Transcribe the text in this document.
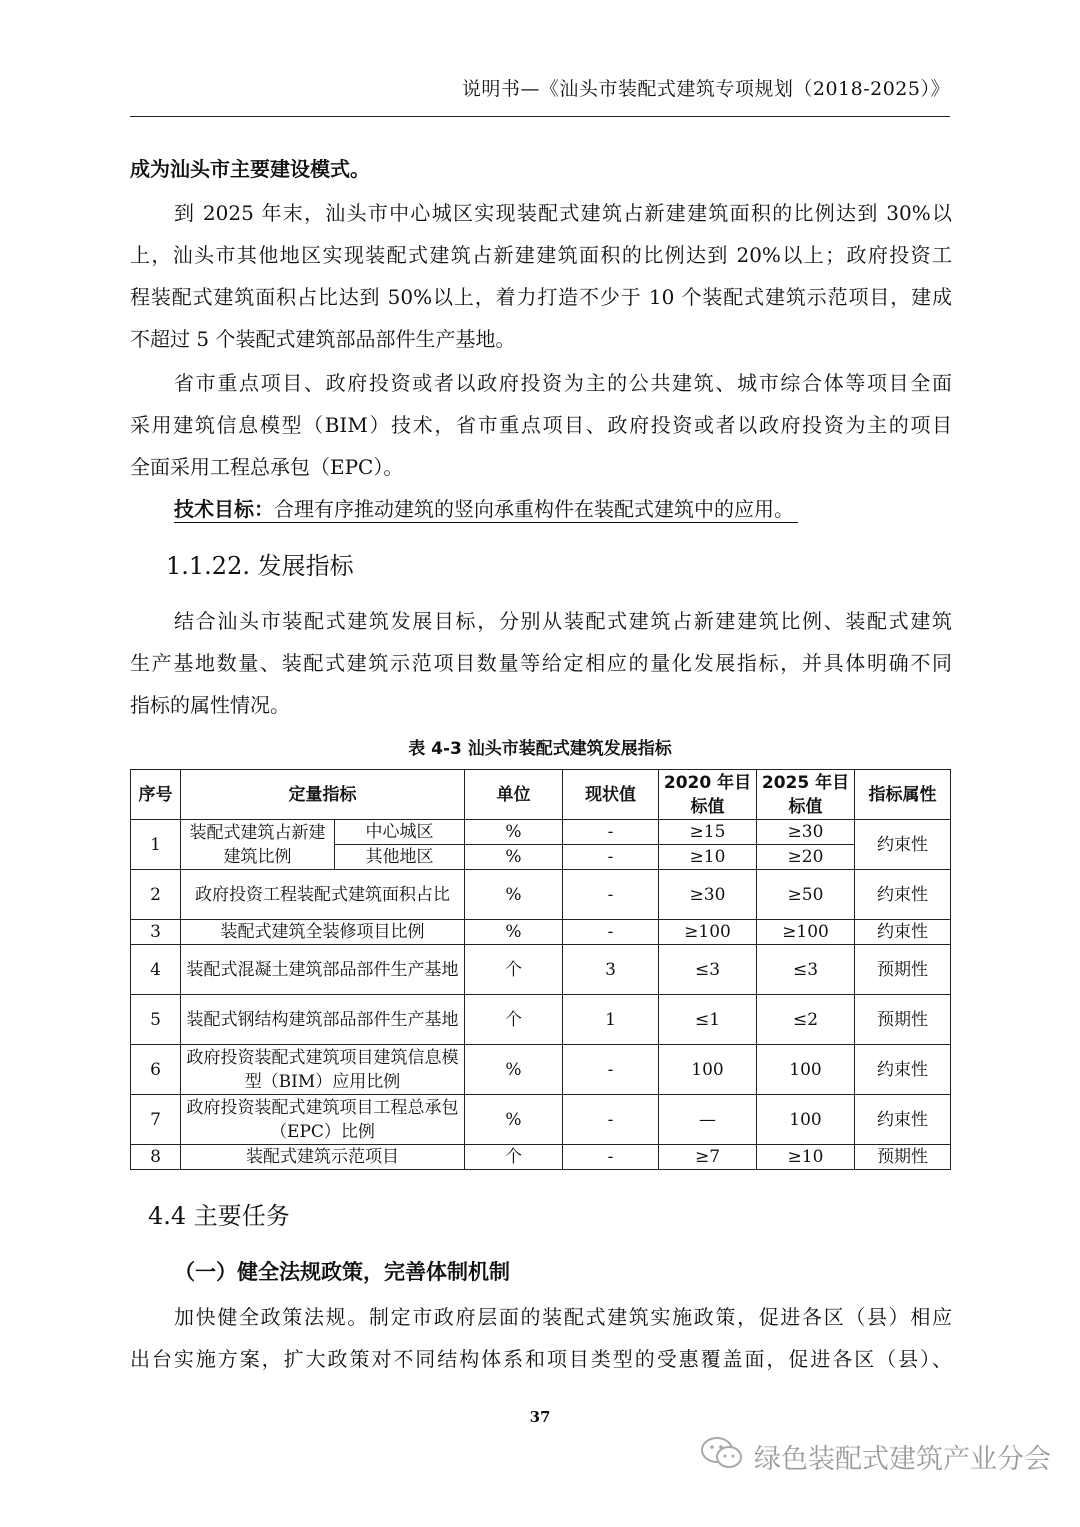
说明书—《汕头市装配式建筑专项规划（2018-2025）》

成为汕头市主要建设模式。

到 2025 年末，汕头市中心城区实现装配式建筑占新建建筑面积的比例达到 30%以

上，汕头市其他地区实现装配式建筑占新建建筑面积的比例达到 20%以上；政府投资工

程装配式建筑面积占比达到 50%以上，着力打造不少于 10 个装配式建筑示范项目，建成

不超过 5 个装配式建筑部品部件生产基地。

省市重点项目、政府投资或者以政府投资为主的公共建筑、城市综合体等项目全面

采用建筑信息模型（BIM）技术，省市重点项目、政府投资或者以政府投资为主的项目

全面采用工程总承包（EPC）。

技术目标：合理有序推动建筑的竖向承重构件在装配式建筑中的应用。
1.1.22. 发展指标

结合汕头市装配式建筑发展目标，分别从装配式建筑占新建建筑比例、装配式建筑

生产基地数量、装配式建筑示范项目数量等给定相应的量化发展指标，并具体明确不同

指标的属性情况。

表 4-3 汕头市装配式建筑发展指标
序号	定量指标		单位	现状值	2020 年目标值	2025 年目标值	指标属性
1	装配式建筑占新建建筑比例	中心城区	%	-	≥15	≥30	约束性
		其他地区	%	-	≥10	≥20	
2	政府投资工程装配式建筑面积占比		%	-	≥30	≥50	约束性
3	装配式建筑全装修项目比例		%	-	≥100	≥100	约束性
4	装配式混凝土建筑部品部件生产基地		个	3	≤3	≤3	预期性
5	装配式钢结构建筑部品部件生产基地		个	1	≤1	≤2	预期性
6	政府投资装配式建筑项目建筑信息模型（BIM）应用比例		%	-	100	100	约束性
7	政府投资装配式建筑项目工程总承包（EPC）比例		%	-	—	100	约束性
8	装配式建筑示范项目		个	-	≥7	≥10	预期性
4.4 主要任务
（一）健全法规政策，完善体制机制

加快健全政策法规。制定市政府层面的装配式建筑实施政策，促进各区（县）相应

出台实施方案，扩大政策对不同结构体系和项目类型的受惠覆盖面，促进各区（县）、

37
绿色装配式建筑产业分会
